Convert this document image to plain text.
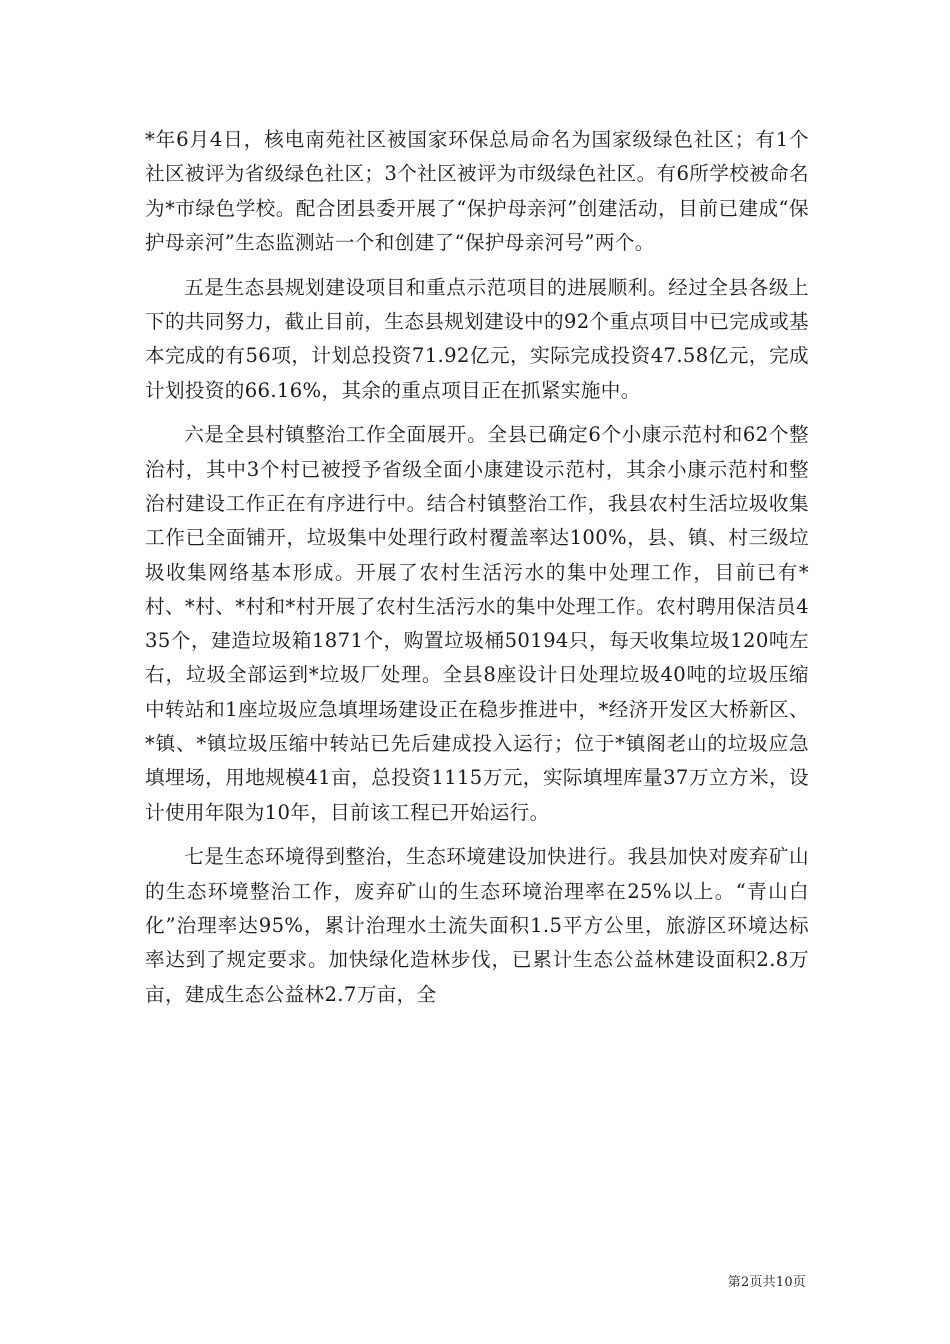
*年6月4日，核电南苑社区被国家环保总局命名为国家级绿色社区；有1个社区被评为省级绿色社区；3个社区被评为市级绿色社区。有6所学校被命名为*市绿色学校。配合团县委开展了“保护母亲河”创建活动，目前已建成“保护母亲河”生态监测站一个和创建了“保护母亲河号”两个。

五是生态县规划建设项目和重点示范项目的进展顺利。经过全县各级上下的共同努力，截止目前，生态县规划建设中的92个重点项目中已完成或基本完成的有56项，计划总投资71.92亿元，实际完成投资47.58亿元，完成计划投资的66.16%，其余的重点项目正在抓紧实施中。

六是全县村镇整治工作全面展开。全县已确定6个小康示范村和62个整治村，其中3个村已被授予省级全面小康建设示范村，其余小康示范村和整治村建设工作正在有序进行中。结合村镇整治工作，我县农村生活垃圾收集工作已全面铺开，垃圾集中处理行政村覆盖率达100%，县、镇、村三级垃圾收集网络基本形成。开展了农村生活污水的集中处理工作，目前已有*村、*村、*村和*村开展了农村生活污水的集中处理工作。农村聘用保洁员435个，建造垃圾箱1871个，购置垃圾桶50194只，每天收集垃圾120吨左右，垃圾全部运到*垃圾厂处理。全县8座设计日处理垃圾40吨的垃圾压缩中转站和1座垃圾应急填埋场建设正在稳步推进中，*经济开发区大桥新区、*镇、*镇垃圾压缩中转站已先后建成投入运行；位于*镇阁老山的垃圾应急填埋场，用地规模41亩，总投资1115万元，实际填埋库量37万立方米，设计使用年限为10年，目前该工程已开始运行。

七是生态环境得到整治，生态环境建设加快进行。我县加快对废弃矿山的生态环境整治工作，废弃矿山的生态环境治理率在25%以上。“青山白化”治理率达95%，累计治理水土流失面积1.5平方公里，旅游区环境达标率达到了规定要求。加快绿化造林步伐，已累计生态公益林建设面积2.8万亩，建成生态公益林2.7万亩，全

第2页共10页
